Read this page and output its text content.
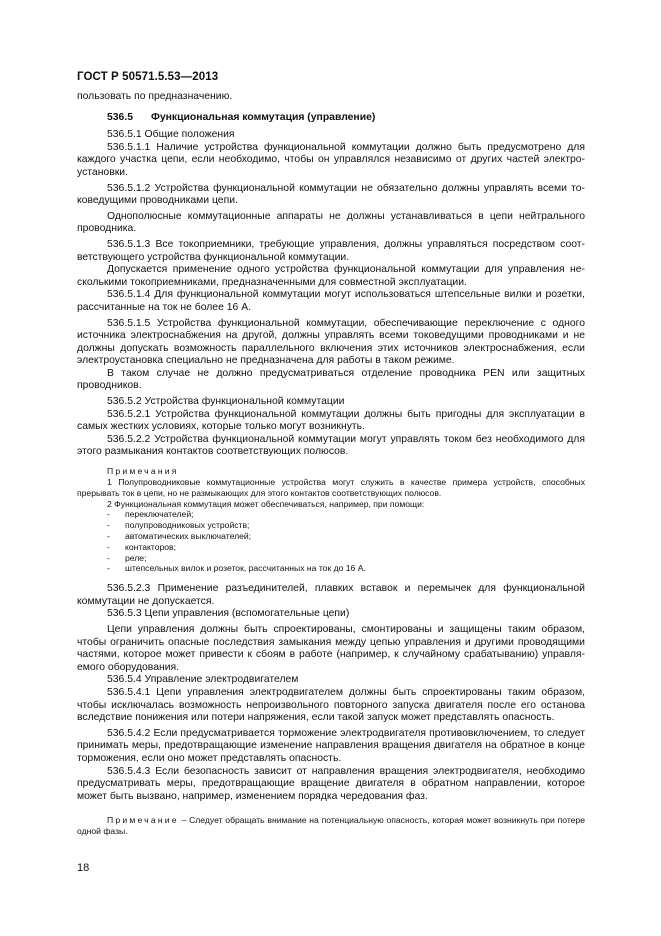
ГОСТ Р 50571.5.53—2013

пользовать по предназначению.

536.5 Функциональная коммутация (управление)

536.5.1 Общие положения

536.5.1.1 Наличие устройства функциональной коммутации должно быть предусмотрено для каждого участка цепи, если необходимо, чтобы он управлялся независимо от других частей электроустановки.

536.5.1.2 Устройства функциональной коммутации не обязательно должны управлять всеми токоведущими проводниками цепи.

Однополюсные коммутационные аппараты не должны устанавливаться в цепи нейтрального проводника.

536.5.1.3 Все токоприемники, требующие управления, должны управляться посредством соответствующего устройства функциональной коммутации.

Допускается применение одного устройства функциональной коммутации для управления несколькими токоприемниками, предназначенными для совместной эксплуатации.

536.5.1.4 Для функциональной коммутации могут использоваться штепсельные вилки и розетки, рассчитанные на ток не более 16 А.

536.5.1.5 Устройства функциональной коммутации, обеспечивающие переключение с одного источника электроснабжения на другой, должны управлять всеми токоведущими проводниками и не должны допускать возможность параллельного включения этих источников электроснабжения, если электроустановка специально не предназначена для работы в таком режиме.

В таком случае не должно предусматриваться отделение проводника PEN или защитных проводников.

536.5.2 Устройства функциональной коммутации

536.5.2.1 Устройства функциональной коммутации должны быть пригодны для эксплуатации в самых жестких условиях, которые только могут возникнуть.

536.5.2.2 Устройства функциональной коммутации могут управлять током без необходимого для этого размыкания контактов соответствующих полюсов.

Примечания

1 Полупроводниковые коммутационные устройства могут служить в качестве примера устройств, способных прерывать ток в цепи, но не размыкающих для этого контактов соответствующих полюсов.

2 Функциональная коммутация может обеспечиваться, например, при помощи:

- переключателей;
- полупроводниковых устройств;
- автоматических выключателей;
- контакторов;
- реле;
- штепсельных вилок и розеток, рассчитанных на ток до 16 А.

536.5.2.3 Применение разъединителей, плавких вставок и перемычек для функциональной коммутации не допускается.

536.5.3 Цепи управления (вспомогательные цепи)

Цепи управления должны быть спроектированы, смонтированы и защищены таким образом, чтобы ограничить опасные последствия замыкания между цепью управления и другими проводящими частями, которое может привести к сбоям в работе (например, к случайному срабатыванию) управляемого оборудования.

536.5.4 Управление электродвигателем

536.5.4.1 Цепи управления электродвигателем должны быть спроектированы таким образом, чтобы исключалась возможность непроизвольного повторного запуска двигателя после его останова вследствие понижения или потери напряжения, если такой запуск может представлять опасность.

536.5.4.2 Если предусматривается торможение электродвигателя противовключением, то следует принимать меры, предотвращающие изменение направления вращения двигателя на обратное в конце торможения, если оно может представлять опасность.

536.5.4.3 Если безопасность зависит от направления вращения электродвигателя, необходимо предусматривать меры, предотвращающие вращение двигателя в обратном направлении, которое может быть вызвано, например, изменением порядка чередования фаз.

Примечание – Следует обращать внимание на потенциальную опасность, которая может возникнуть при потере одной фазы.

18
